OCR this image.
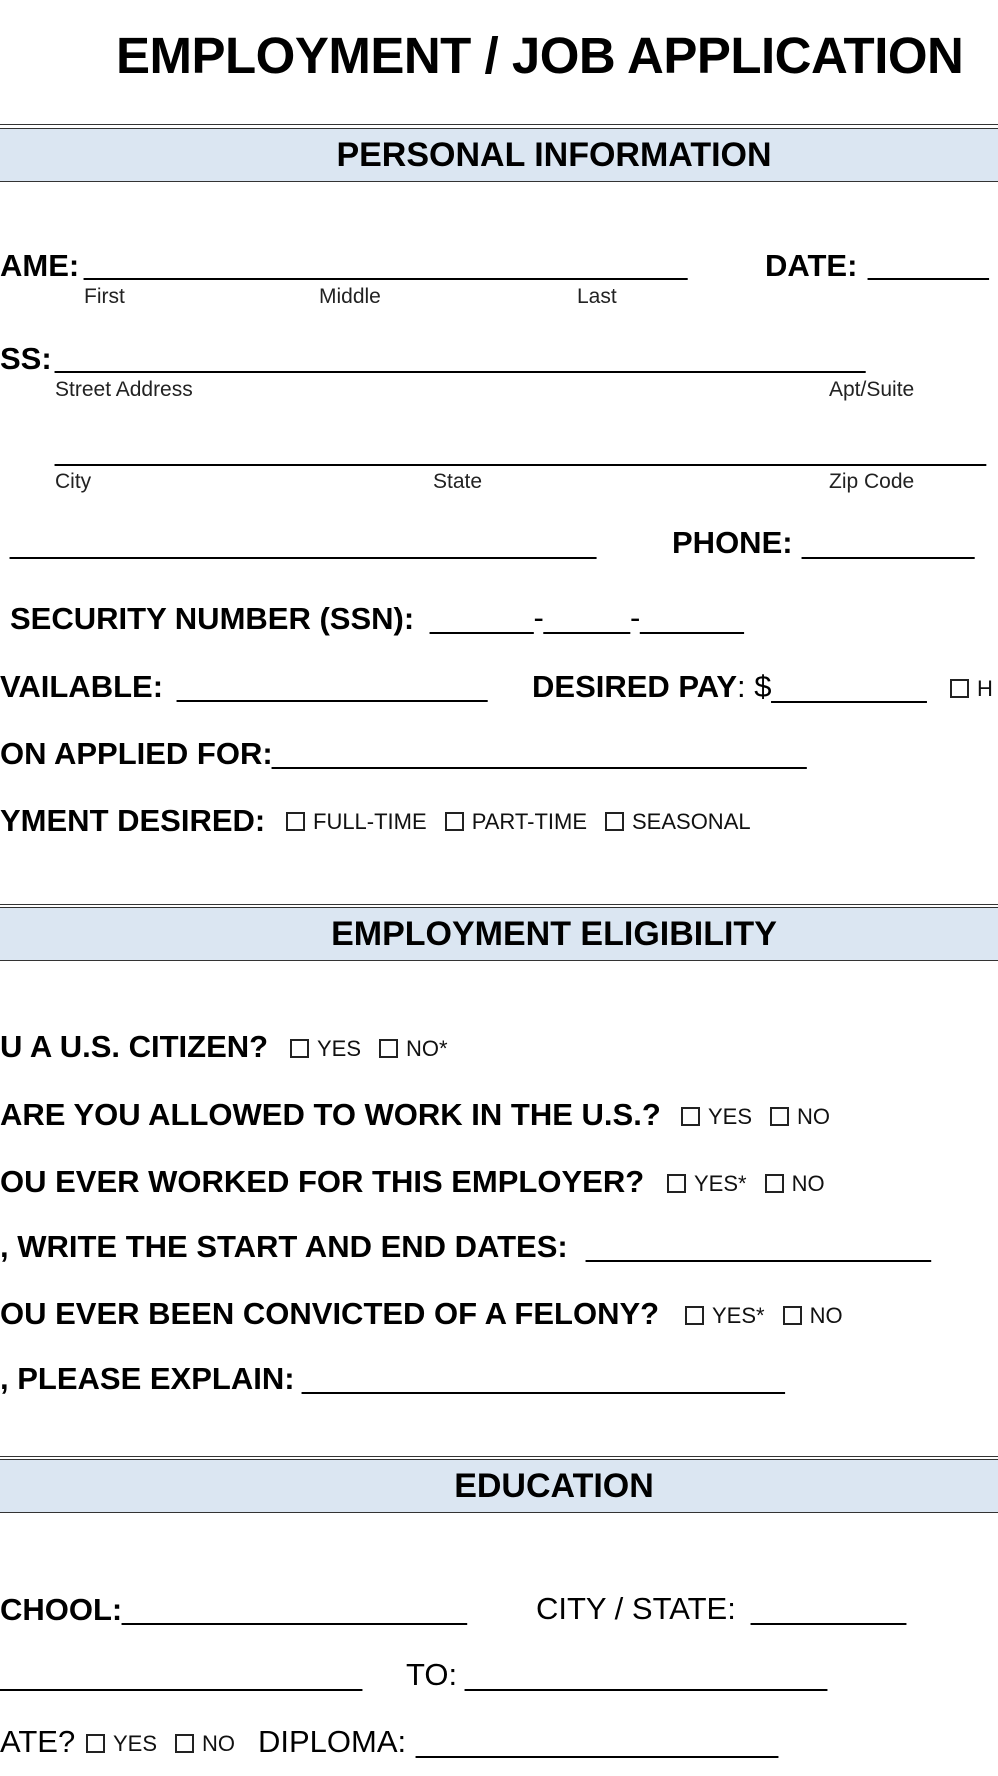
EMPLOYMENT / JOB APPLICATION
PERSONAL INFORMATION
AME: ___________________________________	DATE: _______
First	Middle	Last
SS: _______________________________________________
Street Address	Apt/Suite
______________________________________________________
City	State	Zip Code
__________________________________ PHONE: __________
SECURITY NUMBER (SSN): ______-_____-______
VAILABLE: __________________ DESIRED PAY: $_________	H
ON APPLIED FOR: _______________________________
YMENT DESIRED:	FULL-TIME PART-TIME SEASONAL
EMPLOYMENT ELIGIBILITY
U A U.S. CITIZEN?	YES NO*
ARE YOU ALLOWED TO WORK IN THE U.S.?	YES NO
OU EVER WORKED FOR THIS EMPLOYER?	YES* NO
, WRITE THE START AND END DATES: ____________________
OU EVER BEEN CONVICTED OF A FELONY?	YES* NO
, PLEASE EXPLAIN: ____________________________
EDUCATION
CHOOL: ____________________ CITY / STATE: _________
_____________________ TO: _____________________
ATE?	YES NO DIPLOMA: _____________________
